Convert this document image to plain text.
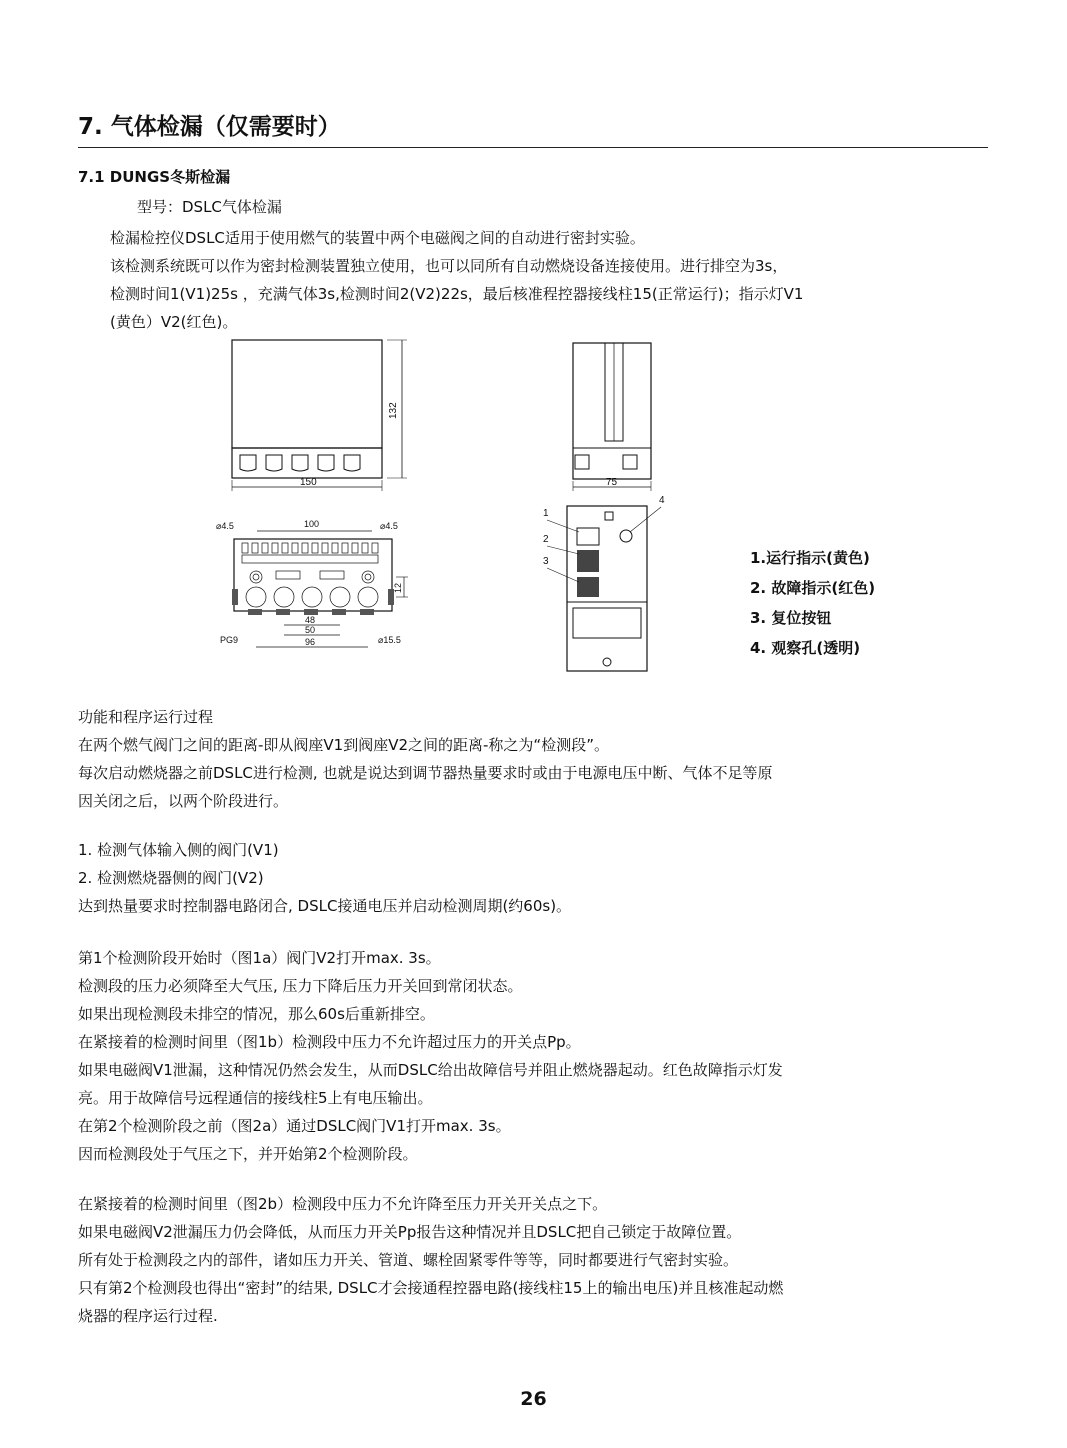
7. 气体检漏（仅需要时）
7.1 DUNGS冬斯检漏
型号：DSLC气体检漏
检漏检控仪DSLC适用于使用燃气的装置中两个电磁阀之间的自动进行密封实验。
该检测系统既可以作为密封检测装置独立使用，也可以同所有自动燃烧设备连接使用。进行排空为3s，
检测时间1(V1)25s ，充满气体3s,检测时间2(V2)22s，最后核准程控器接线柱15(正常运行)；指示灯V1
(黄色）V2(红色)。
132
150	75
⌀4.5	⌀4.5
100
12
48
50
96
PG9	⌀15.5
1
2
3
4
1.运行指示(黄色)
2. 故障指示(红色)
3. 复位按钮
4. 观察孔(透明)
功能和程序运行过程
在两个燃气阀门之间的距离-即从阀座V1到阀座V2之间的距离-称之为“检测段”。
每次启动燃烧器之前DSLC进行检测, 也就是说达到调节器热量要求时或由于电源电压中断、气体不足等原
因关闭之后，以两个阶段进行。
1. 检测气体输入侧的阀门(V1)
2. 检测燃烧器侧的阀门(V2)
达到热量要求时控制器电路闭合, DSLC接通电压并启动检测周期(约60s)。
第1个检测阶段开始时（图1a）阀门V2打开max. 3s。
检测段的压力必须降至大气压, 压力下降后压力开关回到常闭状态。
如果出现检测段未排空的情况，那么60s后重新排空。
在紧接着的检测时间里（图1b）检测段中压力不允许超过压力的开关点Pp。
如果电磁阀V1泄漏，这种情况仍然会发生，从而DSLC给出故障信号并阻止燃烧器起动。红色故障指示灯发
亮。用于故障信号远程通信的接线柱5上有电压输出。
在第2个检测阶段之前（图2a）通过DSLC阀门V1打开max. 3s。
因而检测段处于气压之下，并开始第2个检测阶段。
在紧接着的检测时间里（图2b）检测段中压力不允许降至压力开关开关点之下。
如果电磁阀V2泄漏压力仍会降低，从而压力开关Pp报告这种情况并且DSLC把自己锁定于故障位置。
所有处于检测段之内的部件，诸如压力开关、管道、螺栓固紧零件等等，同时都要进行气密封实验。
只有第2个检测段也得出“密封”的结果, DSLC才会接通程控器电路(接线柱15上的输出电压)并且核准起动燃
烧器的程序运行过程.
26
